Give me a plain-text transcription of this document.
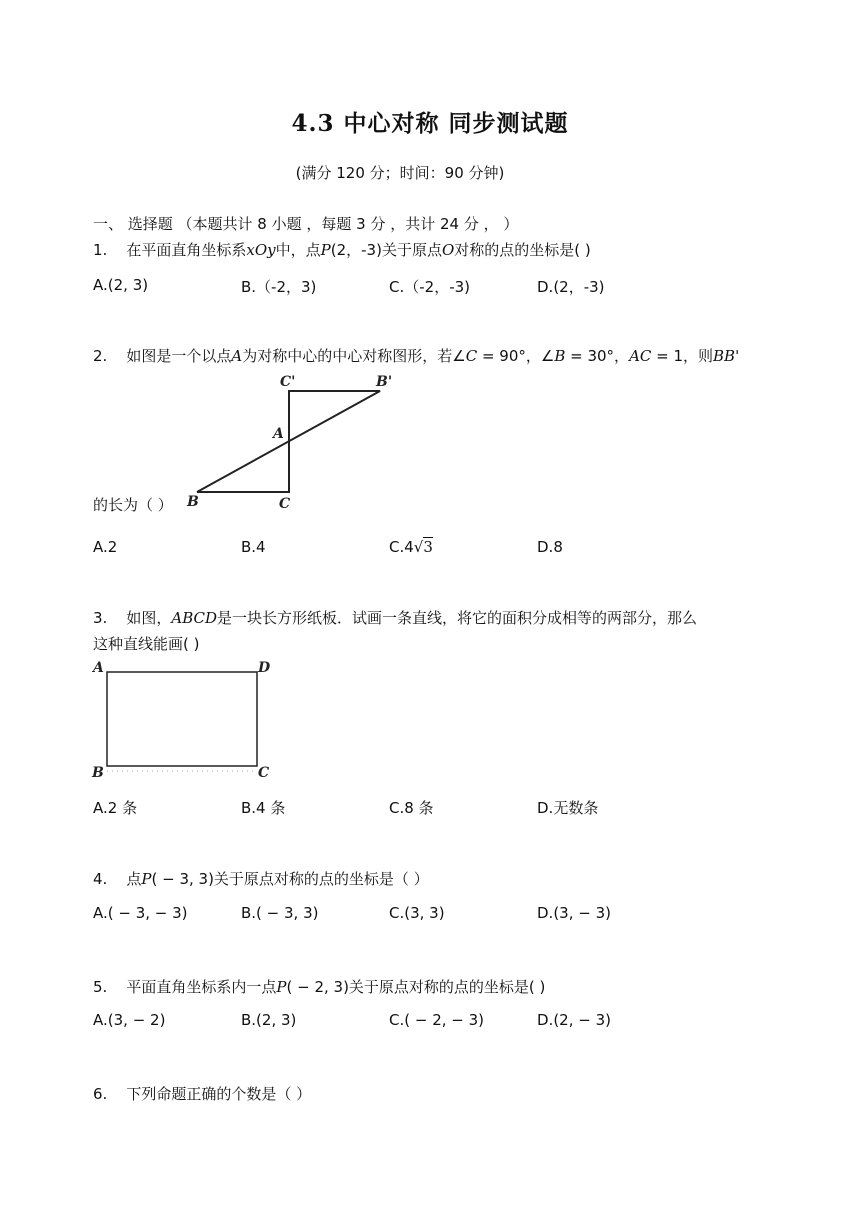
4.3 中心对称 同步测试题
(满分 120 分；时间：90 分钟)
一、 选择题 （本题共计 8 小题 ，每题 3 分 ，共计 24 分 ， ）
1. 在平面直角坐标系xOy中，点P(2，-3)关于原点O对称的点的坐标是( )
A.(2, 3)	B.（-2，3)	C.（-2，-3)	D.(2，-3)
2. 如图是一个以点A为对称中心的中心对称图形，若∠C = 90°，∠B = 30°，AC = 1，则BB'
C'	B'
A
B	C
的长为（ ）
A.2	B.4	C.4√3	D.8
3. 如图，ABCD是一块长方形纸板．试画一条直线，将它的面积分成相等的两部分，那么
这种直线能画( )
A	D
B	C
A.2 条	B.4 条	C.8 条	D.无数条
4. 点P( − 3, 3)关于原点对称的点的坐标是（ ）
A.( − 3, − 3)	B.( − 3, 3)	C.(3, 3)	D.(3, − 3)
5. 平面直角坐标系内一点P( − 2, 3)关于原点对称的点的坐标是( )
A.(3, − 2)	B.(2, 3)	C.( − 2, − 3)	D.(2, − 3)
6. 下列命题正确的个数是（ ）
